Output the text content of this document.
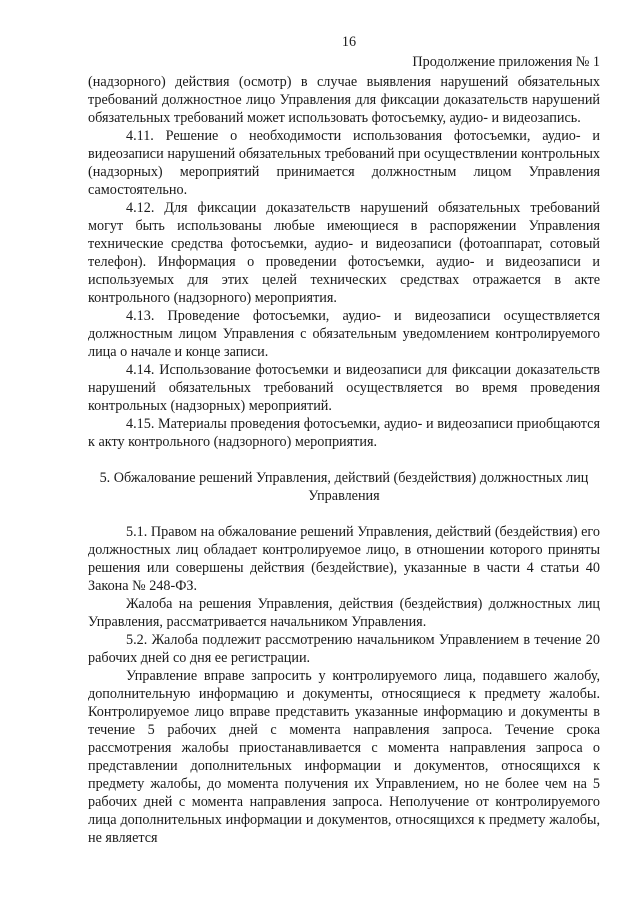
16
Продолжение приложения № 1

(надзорного) действия (осмотр) в случае выявления нарушений обязательных требований должностное лицо Управления для фиксации доказательств нарушений обязательных требований может использовать фотосъемку, аудио- и видеозапись.

4.11. Решение о необходимости использования фотосъемки, аудио- и видеозаписи нарушений обязательных требований при осуществлении контрольных (надзорных) мероприятий принимается должностным лицом Управления самостоятельно.

4.12. Для фиксации доказательств нарушений обязательных требований могут быть использованы любые имеющиеся в распоряжении Управления технические средства фотосъемки, аудио- и видеозаписи (фотоаппарат, сотовый телефон). Информация о проведении фотосъемки, аудио- и видеозаписи и используемых для этих целей технических средствах отражается в акте контрольного (надзорного) мероприятия.

4.13. Проведение фотосъемки, аудио- и видеозаписи осуществляется должностным лицом Управления с обязательным уведомлением контролируемого лица о начале и конце записи.

4.14. Использование фотосъемки и видеозаписи для фиксации доказательств нарушений обязательных требований осуществляется во время проведения контрольных (надзорных) мероприятий.

4.15. Материалы проведения фотосъемки, аудио- и видеозаписи приобщаются к акту контрольного (надзорного) мероприятия.

5. Обжалование решений Управления, действий (бездействия) должностных лиц Управления

5.1. Правом на обжалование решений Управления, действий (бездействия) его должностных лиц обладает контролируемое лицо, в отношении которого приняты решения или совершены действия (бездействие), указанные в части 4 статьи 40 Закона № 248-ФЗ.

Жалоба на решения Управления, действия (бездействия) должностных лиц Управления, рассматривается начальником Управления.

5.2. Жалоба подлежит рассмотрению начальником Управлением в течение 20 рабочих дней со дня ее регистрации.

Управление вправе запросить у контролируемого лица, подавшего жалобу, дополнительную информацию и документы, относящиеся к предмету жалобы. Контролируемое лицо вправе представить указанные информацию и документы в течение 5 рабочих дней с момента направления запроса. Течение срока рассмотрения жалобы приостанавливается с момента направления запроса о представлении дополнительных информации и документов, относящихся к предмету жалобы, до момента получения их Управлением, но не более чем на 5 рабочих дней с момента направления запроса. Неполучение от контролируемого лица дополнительных информации и документов, относящихся к предмету жалобы, не является
